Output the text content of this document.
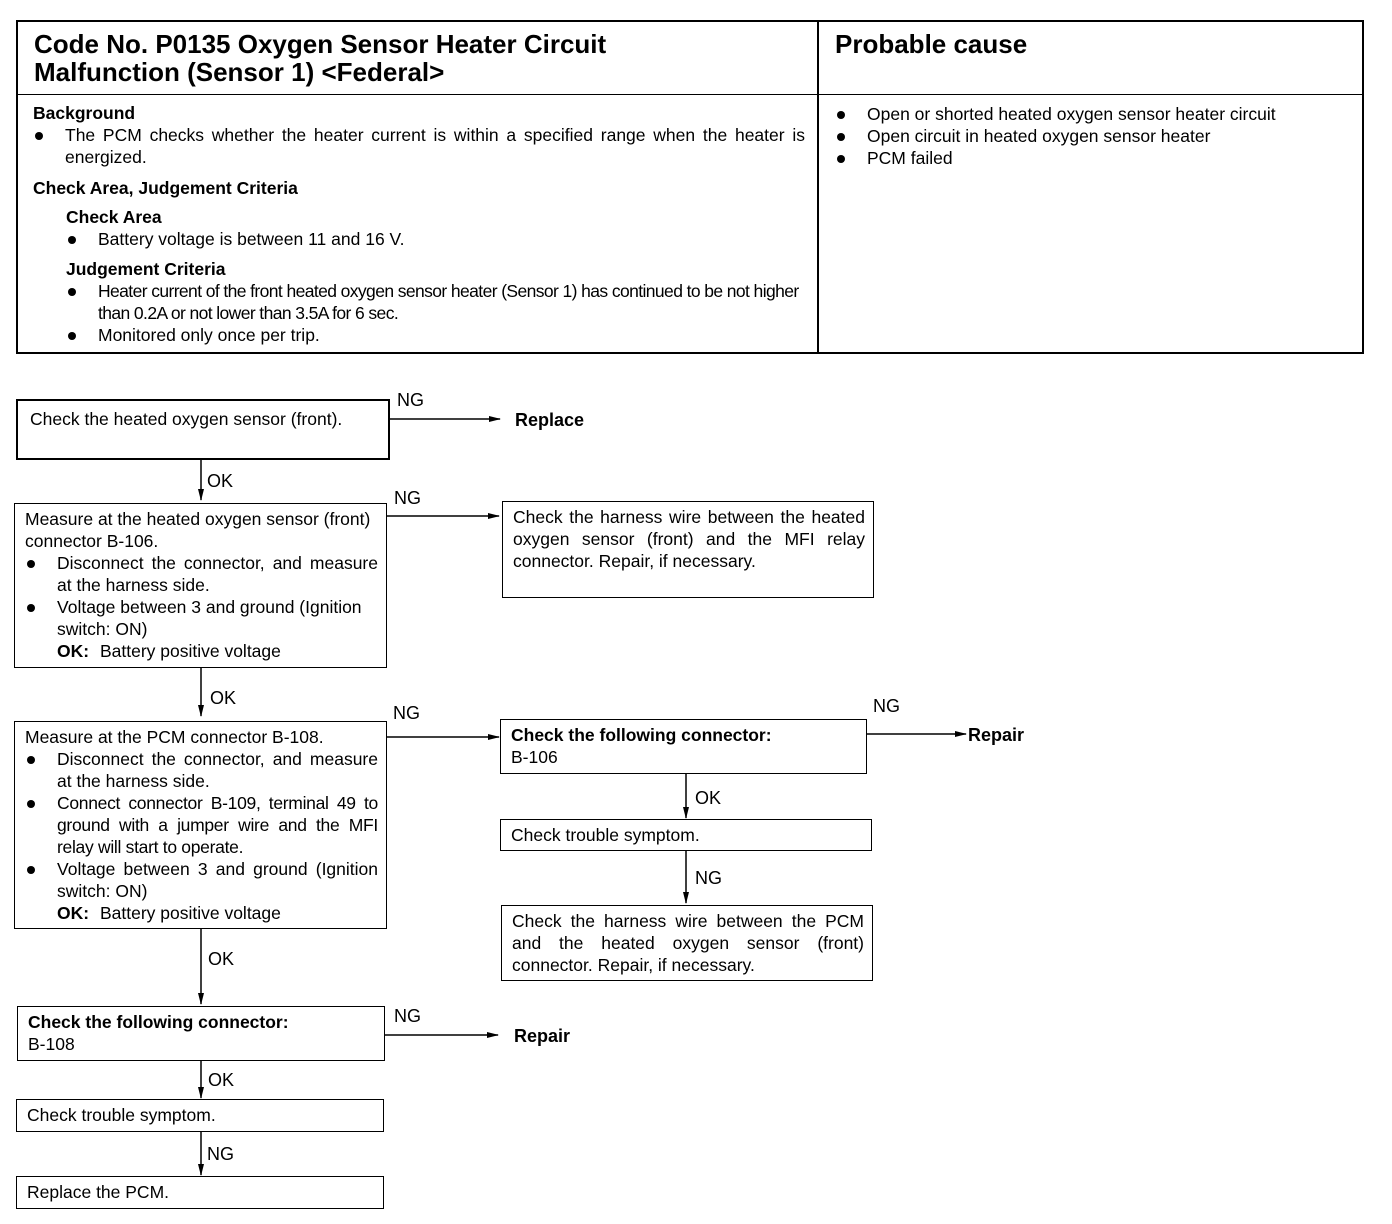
Code No. P0135 Oxygen Sensor Heater Circuit
Malfunction (Sensor 1) <Federal>
Probable cause
Background
The PCM checks whether the heater current is within a specified range when the heater is energized.
Check Area, Judgement Criteria
Check Area
Battery voltage is between 11 and 16 V.
Judgement Criteria
Heater current of the front heated oxygen sensor heater (Sensor 1) has continued to be not higher than 0.2A or not lower than 3.5A for 6 sec.
Monitored only once per trip.
Open or shorted heated oxygen sensor heater circuit
Open circuit in heated oxygen sensor heater
PCM failed
Check the heated oxygen sensor (front).
NG
Replace
OK
Measure at the heated oxygen sensor (front) connector B-106.
Disconnect the connector, and measure at the harness side.
Voltage between 3 and ground (Ignition switch: ON)
OK: Battery positive voltage
NG
Check the harness wire between the heated oxygen sensor (front) and the MFI relay connector. Repair, if necessary.
OK
Measure at the PCM connector B-108.
Disconnect the connector, and measure at the harness side.
Connect connector B-109, terminal 49 to ground with a jumper wire and the MFI relay will start to operate.
Voltage between 3 and ground (Ignition switch: ON)
OK: Battery positive voltage
NG
Check the following connector:
B-106
NG
Repair
OK
Check trouble symptom.
NG
Check the harness wire between the PCM and the heated oxygen sensor (front) connector. Repair, if necessary.
OK
Check the following connector:
B-108
NG
Repair
OK
Check trouble symptom.
NG
Replace the PCM.
